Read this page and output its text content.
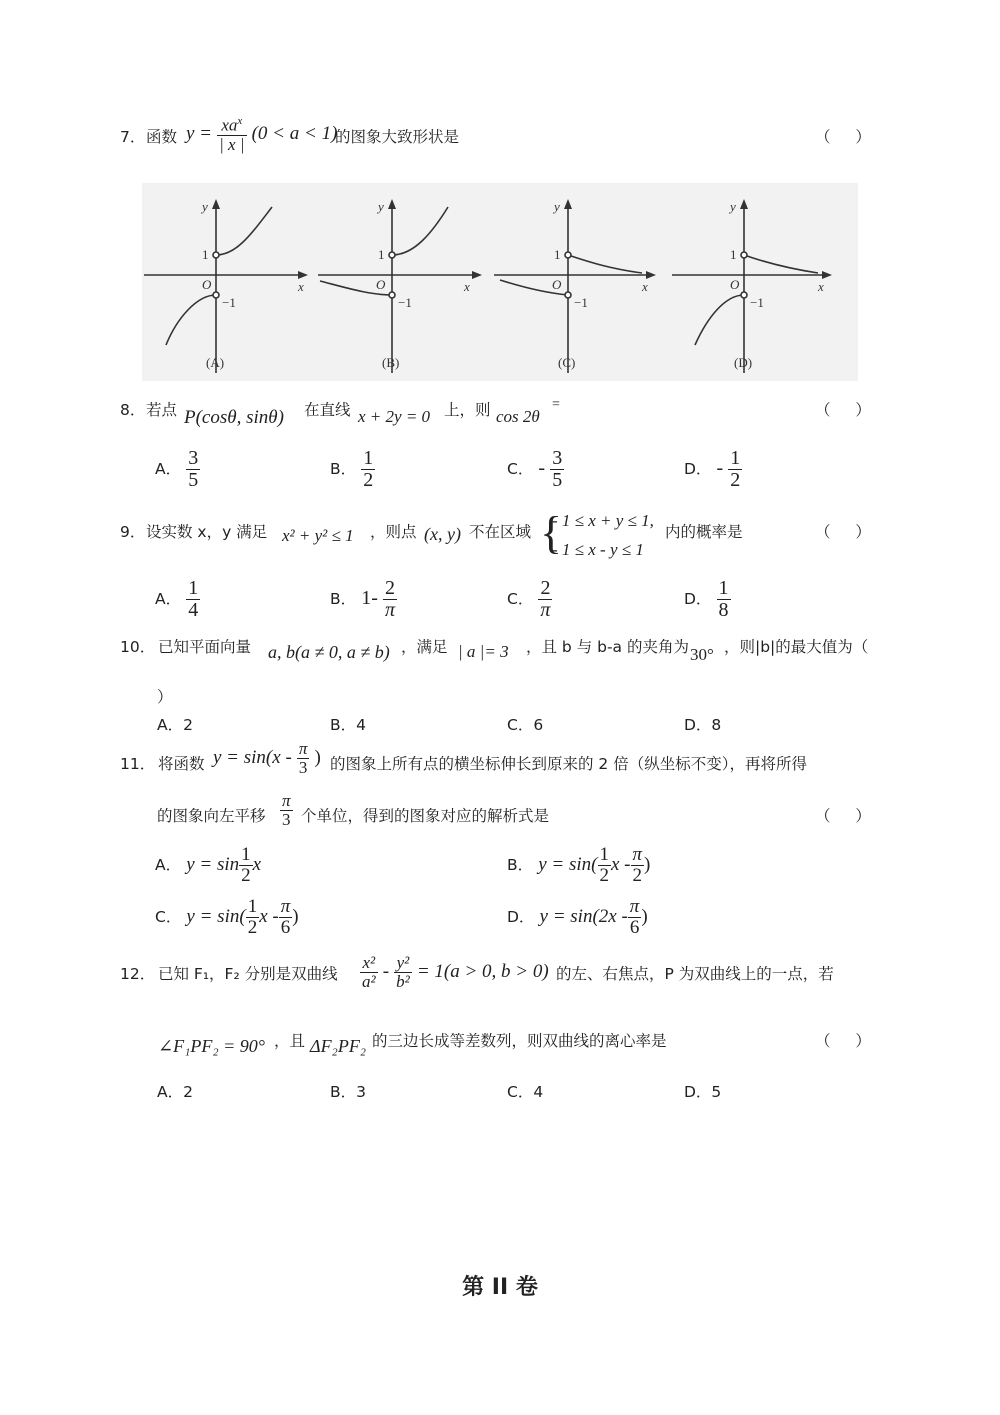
7． 函数 $y = \frac{xa^x}{| x |} (0 < a < 1)$
的图象大致形状是	（ ）
y
x
1
O
−1
(A)
y
x
1
O
−1
(B)
y
x
1
O
−1
(C)
y
x
1
O
−1
(D)
8． 若点 P(cosθ, sinθ) 在直线 x + 2y = 0 上，则 cos 2θ
=	（ ）
A． $\frac{3}{5}$	B． $\frac{1}{2}$	C． - $\frac{3}{5}$	D． - $\frac{1}{2}$
9． 设实数 x，y 满足 x² + y² ≤ 1 ，则点 (x, y) 不在区域 {
- 1 ≤ x + y ≤ 1,
- 1 ≤ x - y ≤ 1
内的概率是	（ ）
A． $\frac{1}{4}$	B． $1- \frac{2}{\pi}$	C． $\frac{2}{\pi}$	D． $\frac{1}{8}$
10． 已知平面向量 a, b(a ≠ 0, a ≠ b) ，满足 | a |= 3 ，且 b 与 b-a 的夹角为 30° ，则|b|的最大值为（
）
A．2	B．4	C．6	D．8
11． 将函数 $y = \sin(x - \frac{\pi}{3}$ ) 的图象上所有点的横坐标伸长到原来的 2 倍（纵坐标不变），再将所得
的图象向左平移 $\frac{\pi}{3}$ 个单位，得到的图象对应的解析式是	（ ）
A． $y = \sin \frac{1}{2}$ x	B． $y = \sin( \frac{1}{2}$ x - $\frac{\pi}{2}$ )
C． $y = \sin( \frac{1}{2}$ x - $\frac{\pi}{6}$ )	D． $y = \sin(2x - \frac{\pi}{6}$ )
12． 已知 F₁，F₂ 分别是双曲线 $\frac{\text{x²}}{\text{a²}} - \frac{\text{y²}}{\text{b²}} = 1(a > 0$, b > 0) 的左、右焦点，P 为双曲线上的一点，若
∠F₁PF₂ = 90° ，且 ΔF₂PF₂ 的三边长成等差数列，则双曲线的离心率是	（ ）
A．2	B．3	C．4	D．5
第 II 卷
